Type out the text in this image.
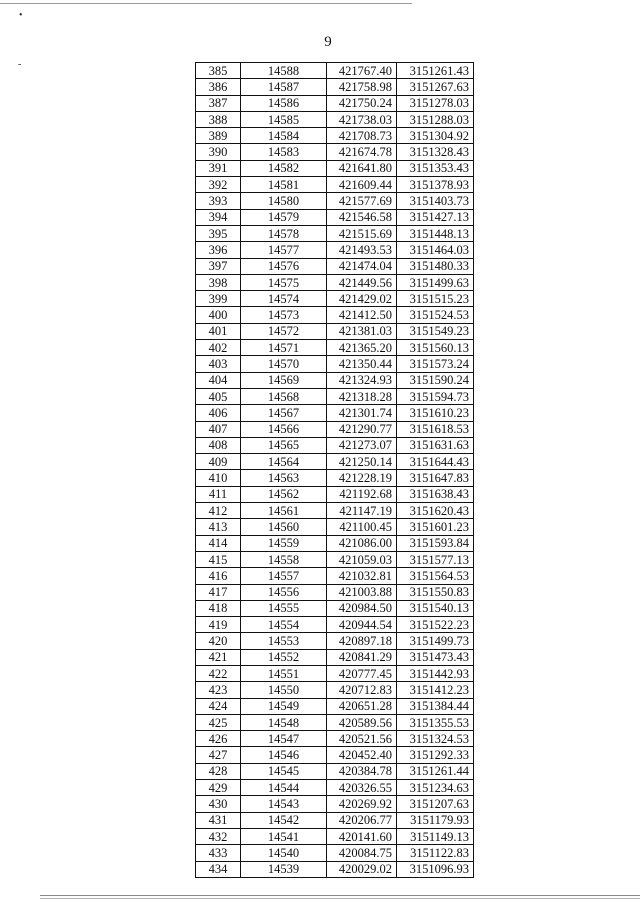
•
-
9
385	14588	421767.40	3151261.43
386	14587	421758.98	3151267.63
387	14586	421750.24	3151278.03
388	14585	421738.03	3151288.03
389	14584	421708.73	3151304.92
390	14583	421674.78	3151328.43
391	14582	421641.80	3151353.43
392	14581	421609.44	3151378.93
393	14580	421577.69	3151403.73
394	14579	421546.58	3151427.13
395	14578	421515.69	3151448.13
396	14577	421493.53	3151464.03
397	14576	421474.04	3151480.33
398	14575	421449.56	3151499.63
399	14574	421429.02	3151515.23
400	14573	421412.50	3151524.53
401	14572	421381.03	3151549.23
402	14571	421365.20	3151560.13
403	14570	421350.44	3151573.24
404	14569	421324.93	3151590.24
405	14568	421318.28	3151594.73
406	14567	421301.74	3151610.23
407	14566	421290.77	3151618.53
408	14565	421273.07	3151631.63
409	14564	421250.14	3151644.43
410	14563	421228.19	3151647.83
411	14562	421192.68	3151638.43
412	14561	421147.19	3151620.43
413	14560	421100.45	3151601.23
414	14559	421086.00	3151593.84
415	14558	421059.03	3151577.13
416	14557	421032.81	3151564.53
417	14556	421003.88	3151550.83
418	14555	420984.50	3151540.13
419	14554	420944.54	3151522.23
420	14553	420897.18	3151499.73
421	14552	420841.29	3151473.43
422	14551	420777.45	3151442.93
423	14550	420712.83	3151412.23
424	14549	420651.28	3151384.44
425	14548	420589.56	3151355.53
426	14547	420521.56	3151324.53
427	14546	420452.40	3151292.33
428	14545	420384.78	3151261.44
429	14544	420326.55	3151234.63
430	14543	420269.92	3151207.63
431	14542	420206.77	3151179.93
432	14541	420141.60	3151149.13
433	14540	420084.75	3151122.83
434	14539	420029.02	3151096.93
